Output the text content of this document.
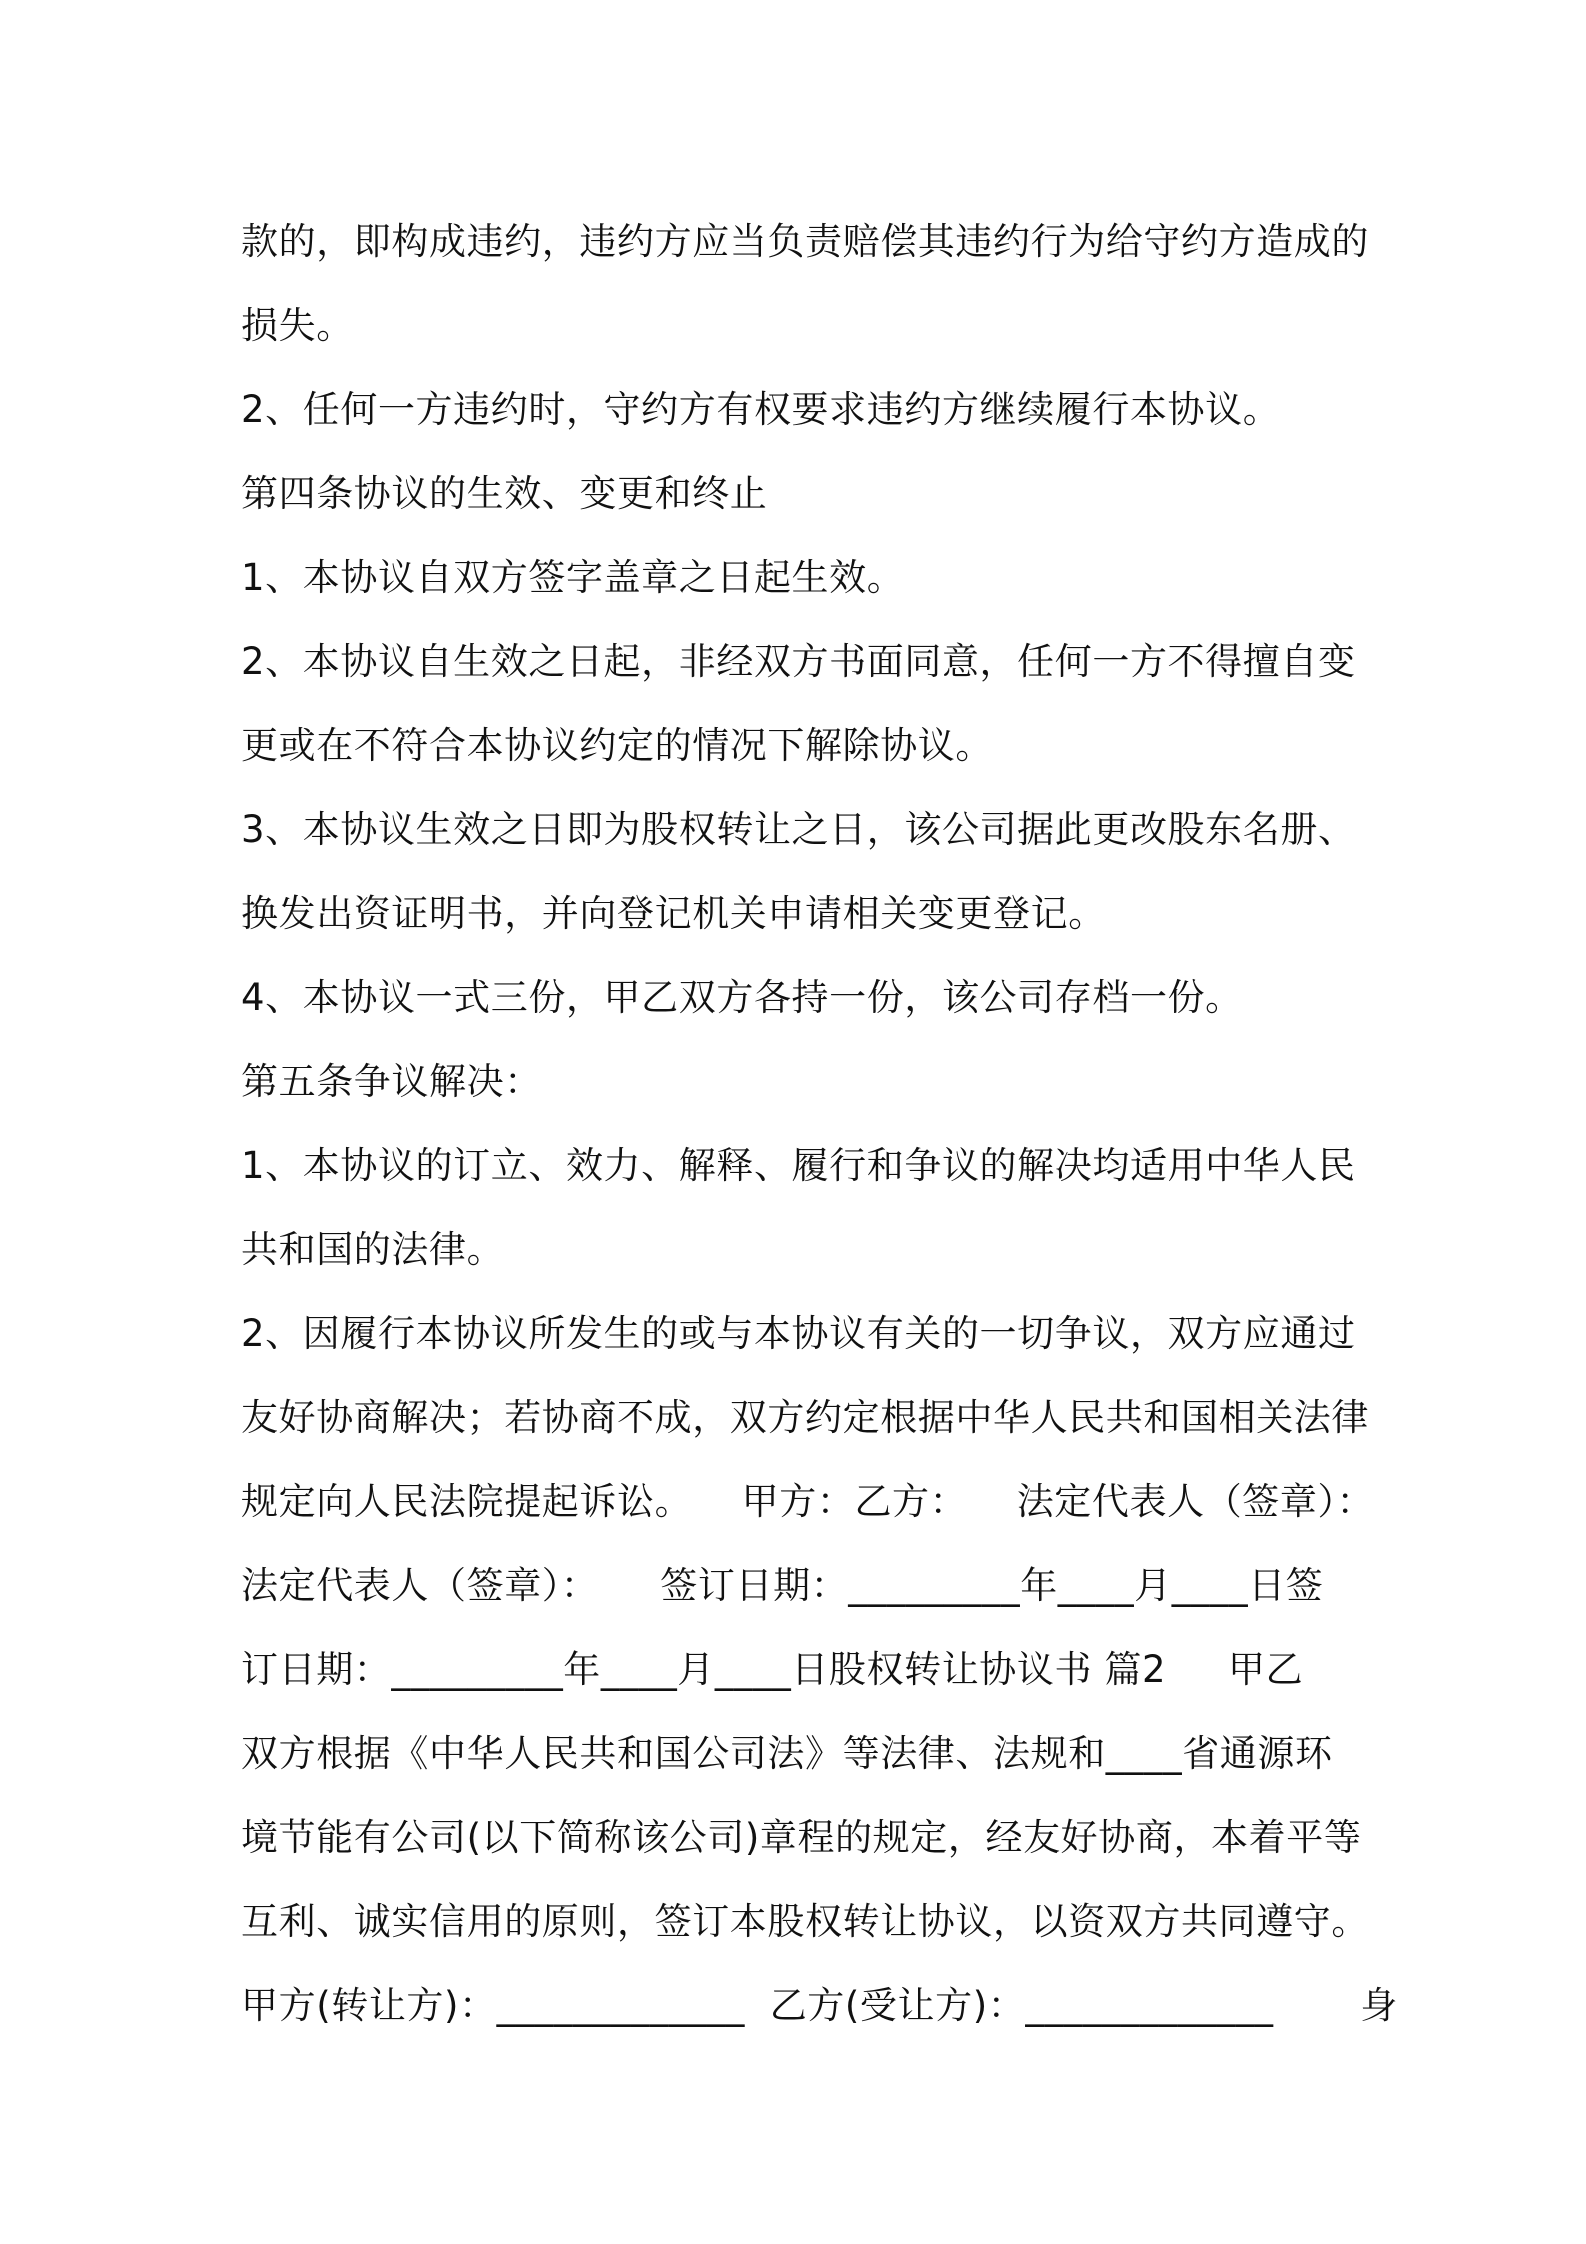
款的，即构成违约，违约方应当负责赔偿其违约行为给守约方造成的
损失。
2、任何一方违约时，守约方有权要求违约方继续履行本协议。
第四条协议的生效、变更和终止
1、本协议自双方签字盖章之日起生效。
2、本协议自生效之日起，非经双方书面同意，任何一方不得擅自变
更或在不符合本协议约定的情况下解除协议。
3、本协议生效之日即为股权转让之日，该公司据此更改股东名册、
换发出资证明书，并向登记机关申请相关变更登记。
4、本协议一式三份，甲乙双方各持一份，该公司存档一份。
第五条争议解决：
1、本协议的订立、效力、解释、履行和争议的解决均适用中华人民
共和国的法律。
2、因履行本协议所发生的或与本协议有关的一切争议，双方应通过
友好协商解决；若协商不成，双方约定根据中华人民共和国相关法律
规定向人民法院提起诉讼。    甲方：乙方：    法定代表人（签章）：
法定代表人（签章）：     签订日期：_________年____月____日签
订日期：_________年____月____日股权转让协议书 篇2     甲乙
双方根据《中华人民共和国公司法》等法律、法规和____省通源环
境节能有公司(以下简称该公司)章程的规定，经友好协商，本着平等
互利、诚实信用的原则，签订本股权转让协议，以资双方共同遵守。
甲方(转让方)：_____________  乙方(受让方)：_____________       身
